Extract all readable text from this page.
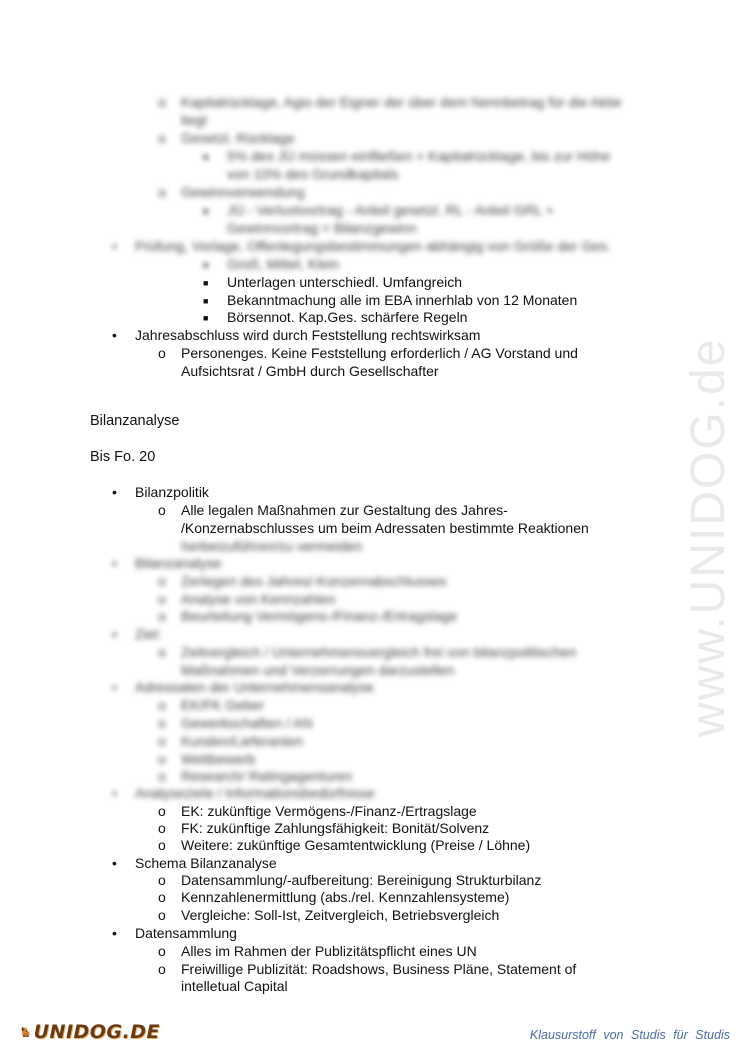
o Kapitalrücklage, Agio der Eigner der über dem Nennbetrag für die Aktie
liegt
o Gesetzl. Rücklage
■ 5% des JÜ müssen einfließen + Kapitalrücklage, bis zur Höhe
von 10% des Grundkapitals
o Gewinnverwendung
■ JÜ - Verlustvortrag - Anteil gesetzl. RL - Anteil GRL +
Gewinnvortrag = Bilanzgewinn
• Prüfung, Vorlage, Offenlegungsbestimmungen abhängig von Größe der Ges.
■ Groß, Mittel, Klein
■ Unterlagen unterschiedl. Umfangreich
■ Bekanntmachung alle im EBA innerhlab von 12 Monaten
■ Börsennot. Kap.Ges. schärfere Regeln
• Jahresabschluss wird durch Feststellung rechtswirksam
o Personenges. Keine Feststellung erforderlich / AG Vorstand und
Aufsichtsrat / GmbH durch Gesellschafter
Bilanzanalyse
Bis Fo. 20
• Bilanzpolitik
o Alle legalen Maßnahmen zur Gestaltung des Jahres-
/Konzernabschlusses um beim Adressaten bestimmte Reaktionen
herbeizuführen/zu vermeiden
• Bilanzanalyse
o Zerlegen des Jahres/-Konzernabschlusses
o Analyse von Kennzahlen
o Beurteilung Vermögens-/Finanz-/Ertragslage
• Ziel:
o Zeitvergleich / Unternehmensvergleich frei von bilanzpolitischen
Maßnahmen und Verzerrungen darzustellen
• Adressaten der Unternehmensanalyse
o EK/FK Geber
o Gewerkschaften / AN
o Kunden/Lieferanten
o Wettbewerb
o Research/ Ratingagenturen
• Analyseziele / Informationsbedürfnisse
o EK: zukünftige Vermögens-/Finanz-/Ertragslage
o FK: zukünftige Zahlungsfähigkeit: Bonität/Solvenz
o Weitere: zukünftige Gesamtentwicklung (Preise / Löhne)
• Schema Bilanzanalyse
o Datensammlung/-aufbereitung: Bereinigung Strukturbilanz
o Kennzahlenermittlung (abs./rel. Kennzahlensysteme)
o Vergleiche: Soll-Ist, Zeitvergleich, Betriebsvergleich
• Datensammlung
o Alles im Rahmen der Publizitätspflicht eines UN
o Freiwillige Publizität: Roadshows, Business Pläne, Statement of
intelletual Capital
www.UNIDOG.de
UNIDOG.DE	Klausurstoff von Studis für Studis
